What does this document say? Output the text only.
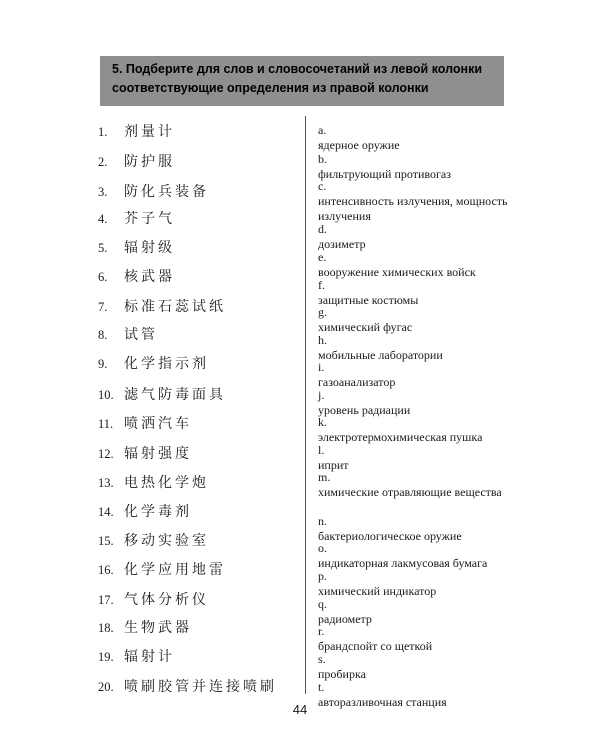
5. Подберите для слов и словосочетаний из левой колонки
соответствующие определения из правой колонки
1. 剂量计
2. 防护服
3. 防化兵装备
4. 芥子气
5. 辐射级
6. 核武器
7. 标准石蕊试纸
8. 试管
9. 化学指示剂
10. 滤气防毒面具
11. 喷洒汽车
12. 辐射强度
13. 电热化学炮
14. 化学毒剂
15. 移动实验室
16. 化学应用地雷
17. 气体分析仪
18. 生物武器
19. 辐射计
20. 喷刷胶管并连接喷刷
a.ядерное оружие
b.фильтрующий противогаз
c.интенсивность излучения, мощность излучения
d.дозиметр
e.вооружение химических войск
f.защитные костюмы
g.химический фугас
h.мобильные лаборатории
i.газоанализатор
j.уровень радиации
k.электротермохимическая пушка
l.иприт
m.химические отравляющие вещества
n.бактериологическое оружие
o.индикаторная лакмусовая бумага
p.химический индикатор
q.радиометр
r.брандспойт со щеткой
s.пробирка
t.авторазливочная станция
44
